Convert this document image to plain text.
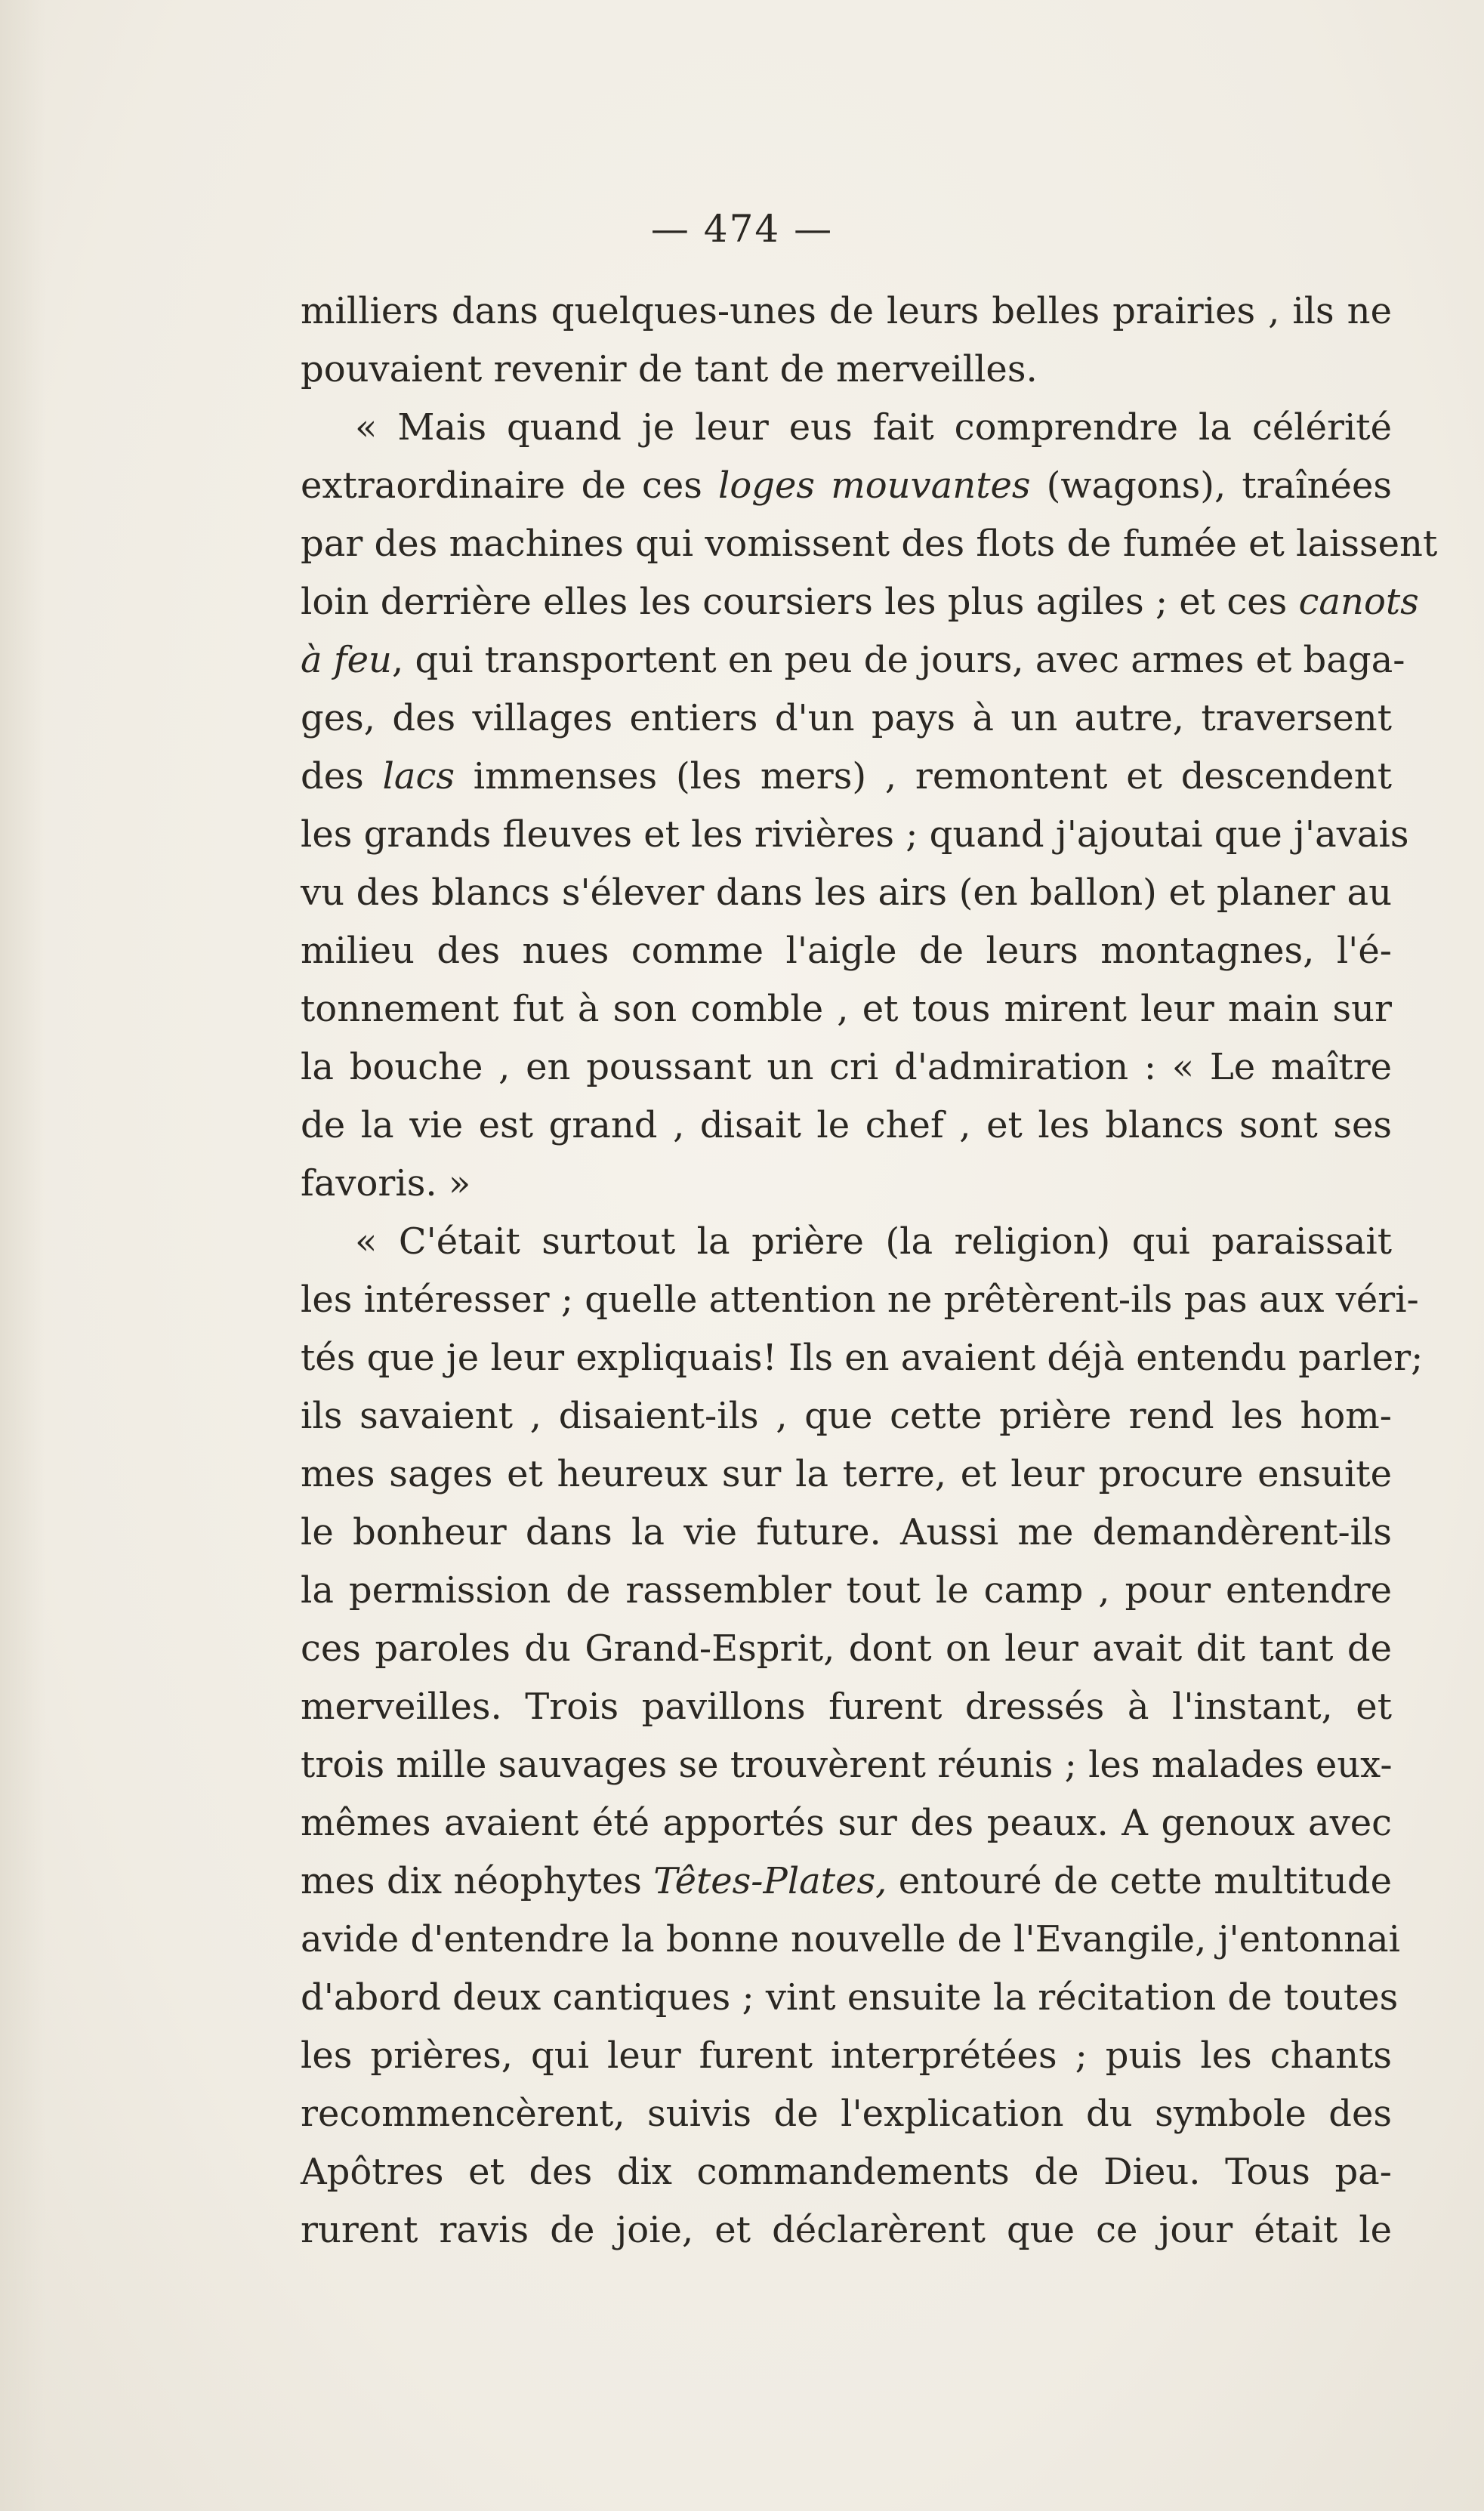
— 474 —
milliers dans quelques-unes de leurs belles prairies , ils ne
pouvaient revenir de tant de merveilles.
« Mais quand je leur eus fait comprendre la célérité
extraordinaire de ces loges mouvantes (wagons), traînées
par des machines qui vomissent des flots de fumée et laissent
loin derrière elles les coursiers les plus agiles ; et ces canots
à feu, qui transportent en peu de jours, avec armes et baga-
ges, des villages entiers d'un pays à un autre, traversent
des lacs immenses (les mers) , remontent et descendent
les grands fleuves et les rivières ; quand j'ajoutai que j'avais
vu des blancs s'élever dans les airs (en ballon) et planer au
milieu des nues comme l'aigle de leurs montagnes, l'é-
tonnement fut à son comble , et tous mirent leur main sur
la bouche , en poussant un cri d'admiration : « Le maître
de la vie est grand , disait le chef , et les blancs sont ses
favoris. »
« C'était surtout la prière (la religion) qui paraissait
les intéresser ; quelle attention ne prêtèrent-ils pas aux véri-
tés que je leur expliquais! Ils en avaient déjà entendu parler;
ils savaient , disaient-ils , que cette prière rend les hom-
mes sages et heureux sur la terre, et leur procure ensuite
le bonheur dans la vie future. Aussi me demandèrent-ils
la permission de rassembler tout le camp , pour entendre
ces paroles du Grand-Esprit, dont on leur avait dit tant de
merveilles. Trois pavillons furent dressés à l'instant, et
trois mille sauvages se trouvèrent réunis ; les malades eux-
mêmes avaient été apportés sur des peaux. A genoux avec
mes dix néophytes Têtes-Plates, entouré de cette multitude
avide d'entendre la bonne nouvelle de l'Evangile, j'entonnai
d'abord deux cantiques ; vint ensuite la récitation de toutes
les prières, qui leur furent interprétées ; puis les chants
recommencèrent, suivis de l'explication du symbole des
Apôtres et des dix commandements de Dieu. Tous pa-
rurent ravis de joie, et déclarèrent que ce jour était le
